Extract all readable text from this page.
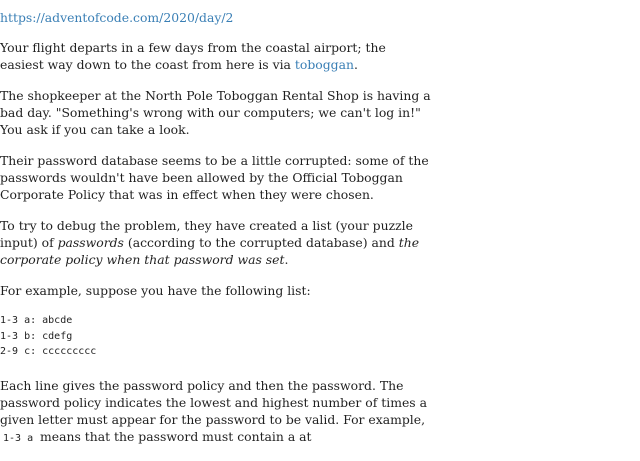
https://adventofcode.com/2020/day/2

Your flight departs in a few days from the coastal airport; the easiest way down to the coast from here is via toboggan.

The shopkeeper at the North Pole Toboggan Rental Shop is having a bad day. "Something's wrong with our computers; we can't log in!" You ask if you can take a look.

Their password database seems to be a little corrupted: some of the passwords wouldn't have been allowed by the Official Toboggan Corporate Policy that was in effect when they were chosen.

To try to debug the problem, they have created a list (your puzzle input) of passwords (according to the corrupted database) and the corporate policy when that password was set.

For example, suppose you have the following list:

1-3 a: abcde
1-3 b: cdefg
2-9 c: ccccccccc

Each line gives the password policy and then the password. The password policy indicates the lowest and highest number of times a given letter must appear for the password to be valid. For example, 1-3 a means that the password must contain a at
